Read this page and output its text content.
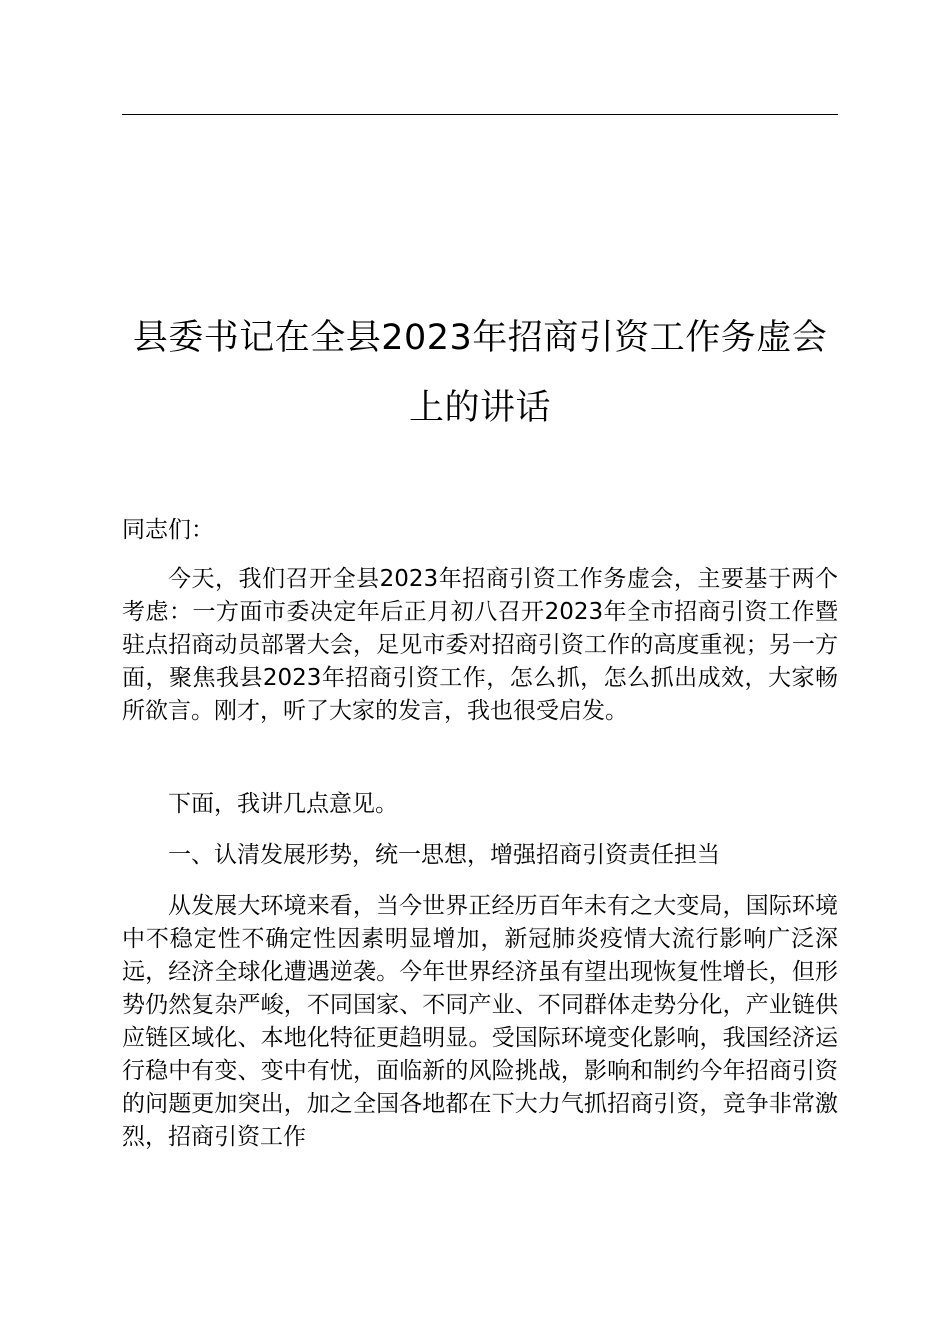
县委书记在全县2023年招商引资工作务虚会上的讲话

同志们：

今天，我们召开全县2023年招商引资工作务虚会，主要基于两个考虑：一方面市委决定年后正月初八召开2023年全市招商引资工作暨驻点招商动员部署大会，足见市委对招商引资工作的高度重视；另一方面，聚焦我县2023年招商引资工作，怎么抓，怎么抓出成效，大家畅所欲言。刚才，听了大家的发言，我也很受启发。

下面，我讲几点意见。

一、认清发展形势，统一思想，增强招商引资责任担当

从发展大环境来看，当今世界正经历百年未有之大变局，国际环境中不稳定性不确定性因素明显增加，新冠肺炎疫情大流行影响广泛深远，经济全球化遭遇逆袭。今年世界经济虽有望出现恢复性增长，但形势仍然复杂严峻，不同国家、不同产业、不同群体走势分化，产业链供应链区域化、本地化特征更趋明显。受国际环境变化影响，我国经济运行稳中有变、变中有忧，面临新的风险挑战，影响和制约今年招商引资的问题更加突出，加之全国各地都在下大力气抓招商引资，竞争非常激烈，招商引资工作
